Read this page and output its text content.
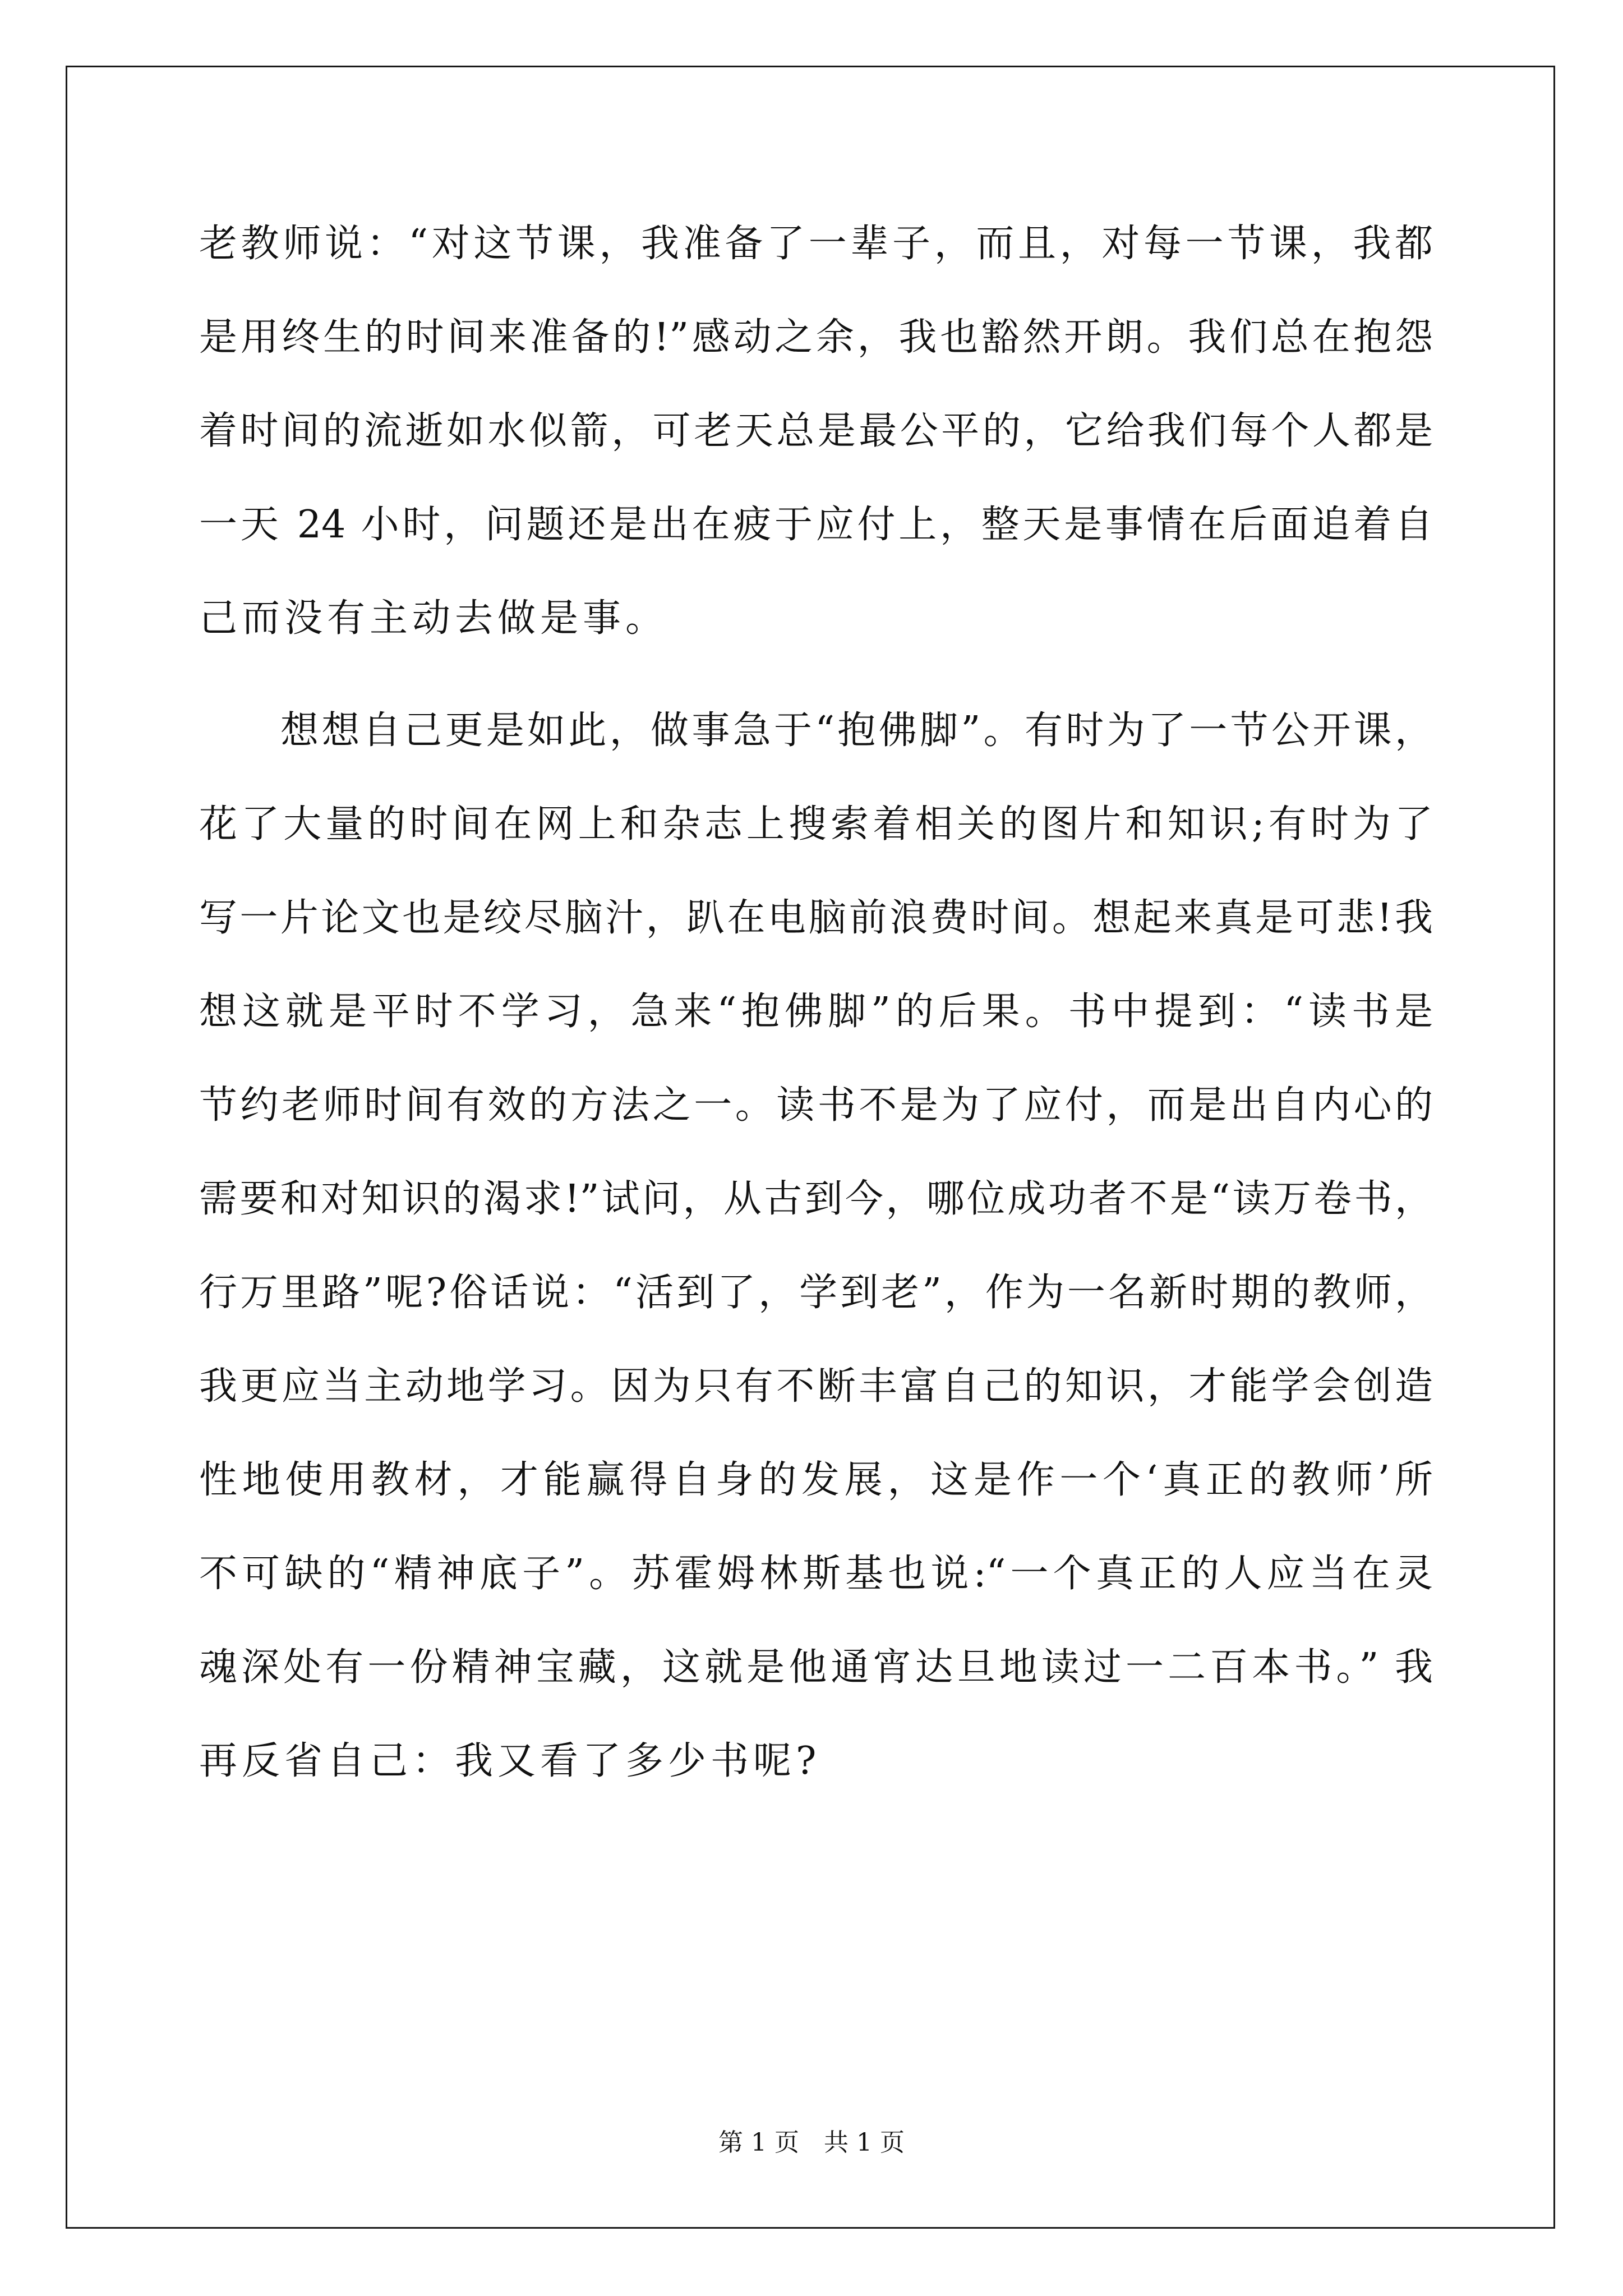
老教师说：“对这节课，我准备了一辈子，而且，对每一节课，我都
是用终生的时间来准备的!”感动之余，我也豁然开朗。我们总在抱怨
着时间的流逝如水似箭，可老天总是最公平的，它给我们每个人都是
一天 24 小时，问题还是出在疲于应付上，整天是事情在后面追着自
己而没有主动去做是事。
想想自己更是如此，做事急于“抱佛脚”。有时为了一节公开课，
花了大量的时间在网上和杂志上搜索着相关的图片和知识;有时为了
写一片论文也是绞尽脑汁，趴在电脑前浪费时间。想起来真是可悲!我
想这就是平时不学习，急来“抱佛脚”的后果。书中提到：“读书是
节约老师时间有效的方法之一。读书不是为了应付，而是出自内心的
需要和对知识的渴求!”试问，从古到今，哪位成功者不是“读万卷书，
行万里路”呢?俗话说：“活到了，学到老”，作为一名新时期的教师，
我更应当主动地学习。因为只有不断丰富自己的知识，才能学会创造
性地使用教材，才能赢得自身的发展，这是作一个‘真正的教师’所
不可缺的“精神底子”。苏霍姆林斯基也说:“一个真正的人应当在灵
魂深处有一份精神宝藏，这就是他通宵达旦地读过一二百本书。” 我
再反省自己：我又看了多少书呢?
第 1 页 共 1 页
